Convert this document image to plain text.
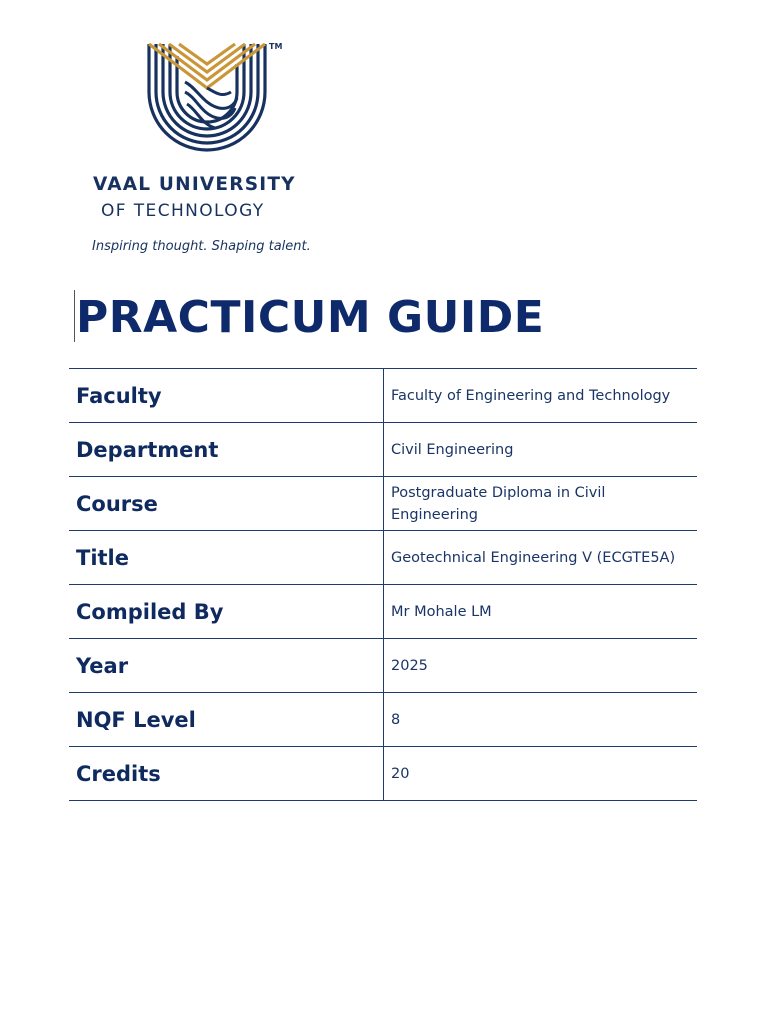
TM
VAAL UNIVERSITY
OF TECHNOLOGY
Inspiring thought. Shaping talent.
PRACTICUM GUIDE
Faculty	Faculty of Engineering and Technology
Department	Civil Engineering
Course	Postgraduate Diploma in Civil Engineering
Title	Geotechnical Engineering V (ECGTE5A)
Compiled By	Mr Mohale LM
Year	2025
NQF Level	8
Credits	20
